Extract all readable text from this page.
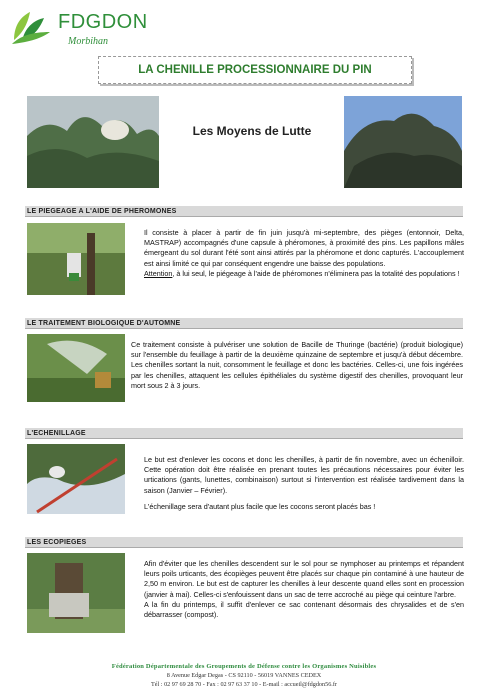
FDGDON
Morbihan
LA CHENILLE PROCESSIONNAIRE DU PIN
Les Moyens de Lutte
LE PIEGEAGE A L'AIDE DE PHEROMONES

Il consiste à placer à partir de fin juin jusqu'à mi-septembre, des pièges (entonnoir, Delta, MASTRAP) accompagnés d'une capsule à phéromones, à proximité des pins. Les papillons mâles émergeant du sol durant l'été sont ainsi attirés par la phéromone et donc capturés. L'accouplement est ainsi limité ce qui par conséquent engendre une baisse des populations.

Attention, à lui seul, le piégeage à l'aide de phéromones n'éliminera pas la totalité des populations !

LE TRAITEMENT BIOLOGIQUE D'AUTOMNE

Ce traitement consiste à pulvériser une solution de Bacille de Thuringe (bactérie) (produit biologique) sur l'ensemble du feuillage à partir de la deuxième quinzaine de septembre et jusqu'à début décembre. Les chenilles sortant la nuit, consomment le feuillage et donc les bactéries. Celles-ci, une fois ingérées par les chenilles, attaquent les cellules épithéliales du système digestif des chenilles, provoquant leur mort sous 2 à 3 jours.

L'ECHENILLAGE

Le but est d'enlever les cocons et donc les chenilles, à partir de fin novembre, avec un échenilloir. Cette opération doit être réalisée en prenant toutes les précautions nécessaires pour éviter les urtications (gants, lunettes, combinaison) surtout si l'intervention est réalisée tardivement dans la saison (Janvier – Février).

L'échenillage sera d'autant plus facile que les cocons seront placés bas !

LES ECOPIEGES

Afin d'éviter que les chenilles descendent sur le sol pour se nymphoser au printemps et répandent leurs poils urticants, des écopièges peuvent être placés sur chaque pin contaminé à une hauteur de 2,50 m environ. Le but est de capturer les chenilles à leur descente quand elles sont en procession (janvier à mai). Celles-ci s'enfouissent dans un sac de terre accroché au piège qui ceinture l'arbre.

A la fin du printemps, il suffit d'enlever ce sac contenant désormais des chrysalides et de s'en débarrasser (compost).

Fédération Départementale des Groupements de Défense contre les Organismes Nuisibles
8 Avenue Edgar Degas - CS 92110 - 56019 VANNES CEDEX
Tél : 02 97 69 28 70 - Fax : 02 97 63 37 10 - E-mail : accueil@fdgdon56.fr
